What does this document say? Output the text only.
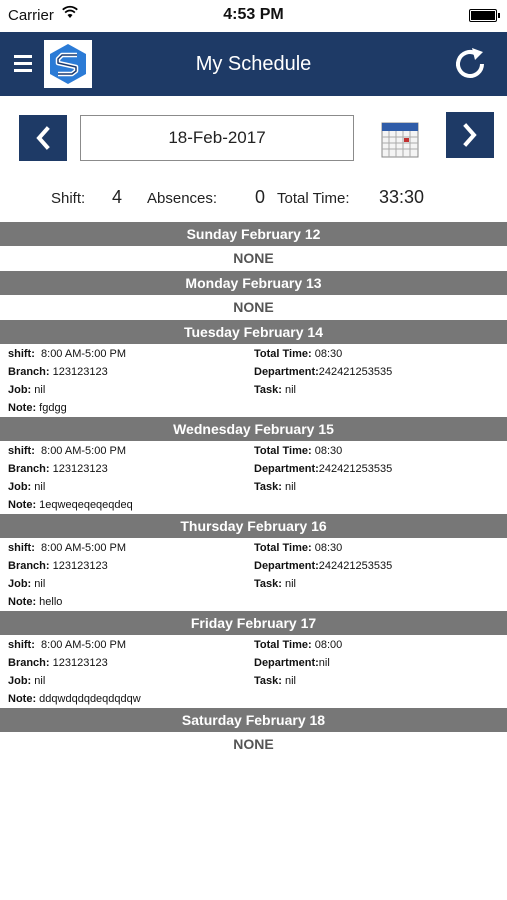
Carrier	4:53 PM
My Schedule
18-Feb-2017
Shift: 4 Absences: 0 Total Time: 33:30
Sunday February 12
NONE
Monday February 13
NONE
Tuesday February 14
shift: 8:00 AM-5:00 PM
Branch: 123123123
Job: nil
Note: fgdgg
Total Time: 08:30
Department:242421253535
Task: nil
Wednesday February 15
shift: 8:00 AM-5:00 PM
Branch: 123123123
Job: nil
Note: 1eqweqeqeqeqdeq
Total Time: 08:30
Department:242421253535
Task: nil
Thursday February 16
shift: 8:00 AM-5:00 PM
Branch: 123123123
Job: nil
Note: hello
Total Time: 08:30
Department:242421253535
Task: nil
Friday February 17
shift: 8:00 AM-5:00 PM
Branch: 123123123
Job: nil
Note: ddqwdqdqdeqdqdqw
Total Time: 08:00
Department:nil
Task: nil
Saturday February 18
NONE
